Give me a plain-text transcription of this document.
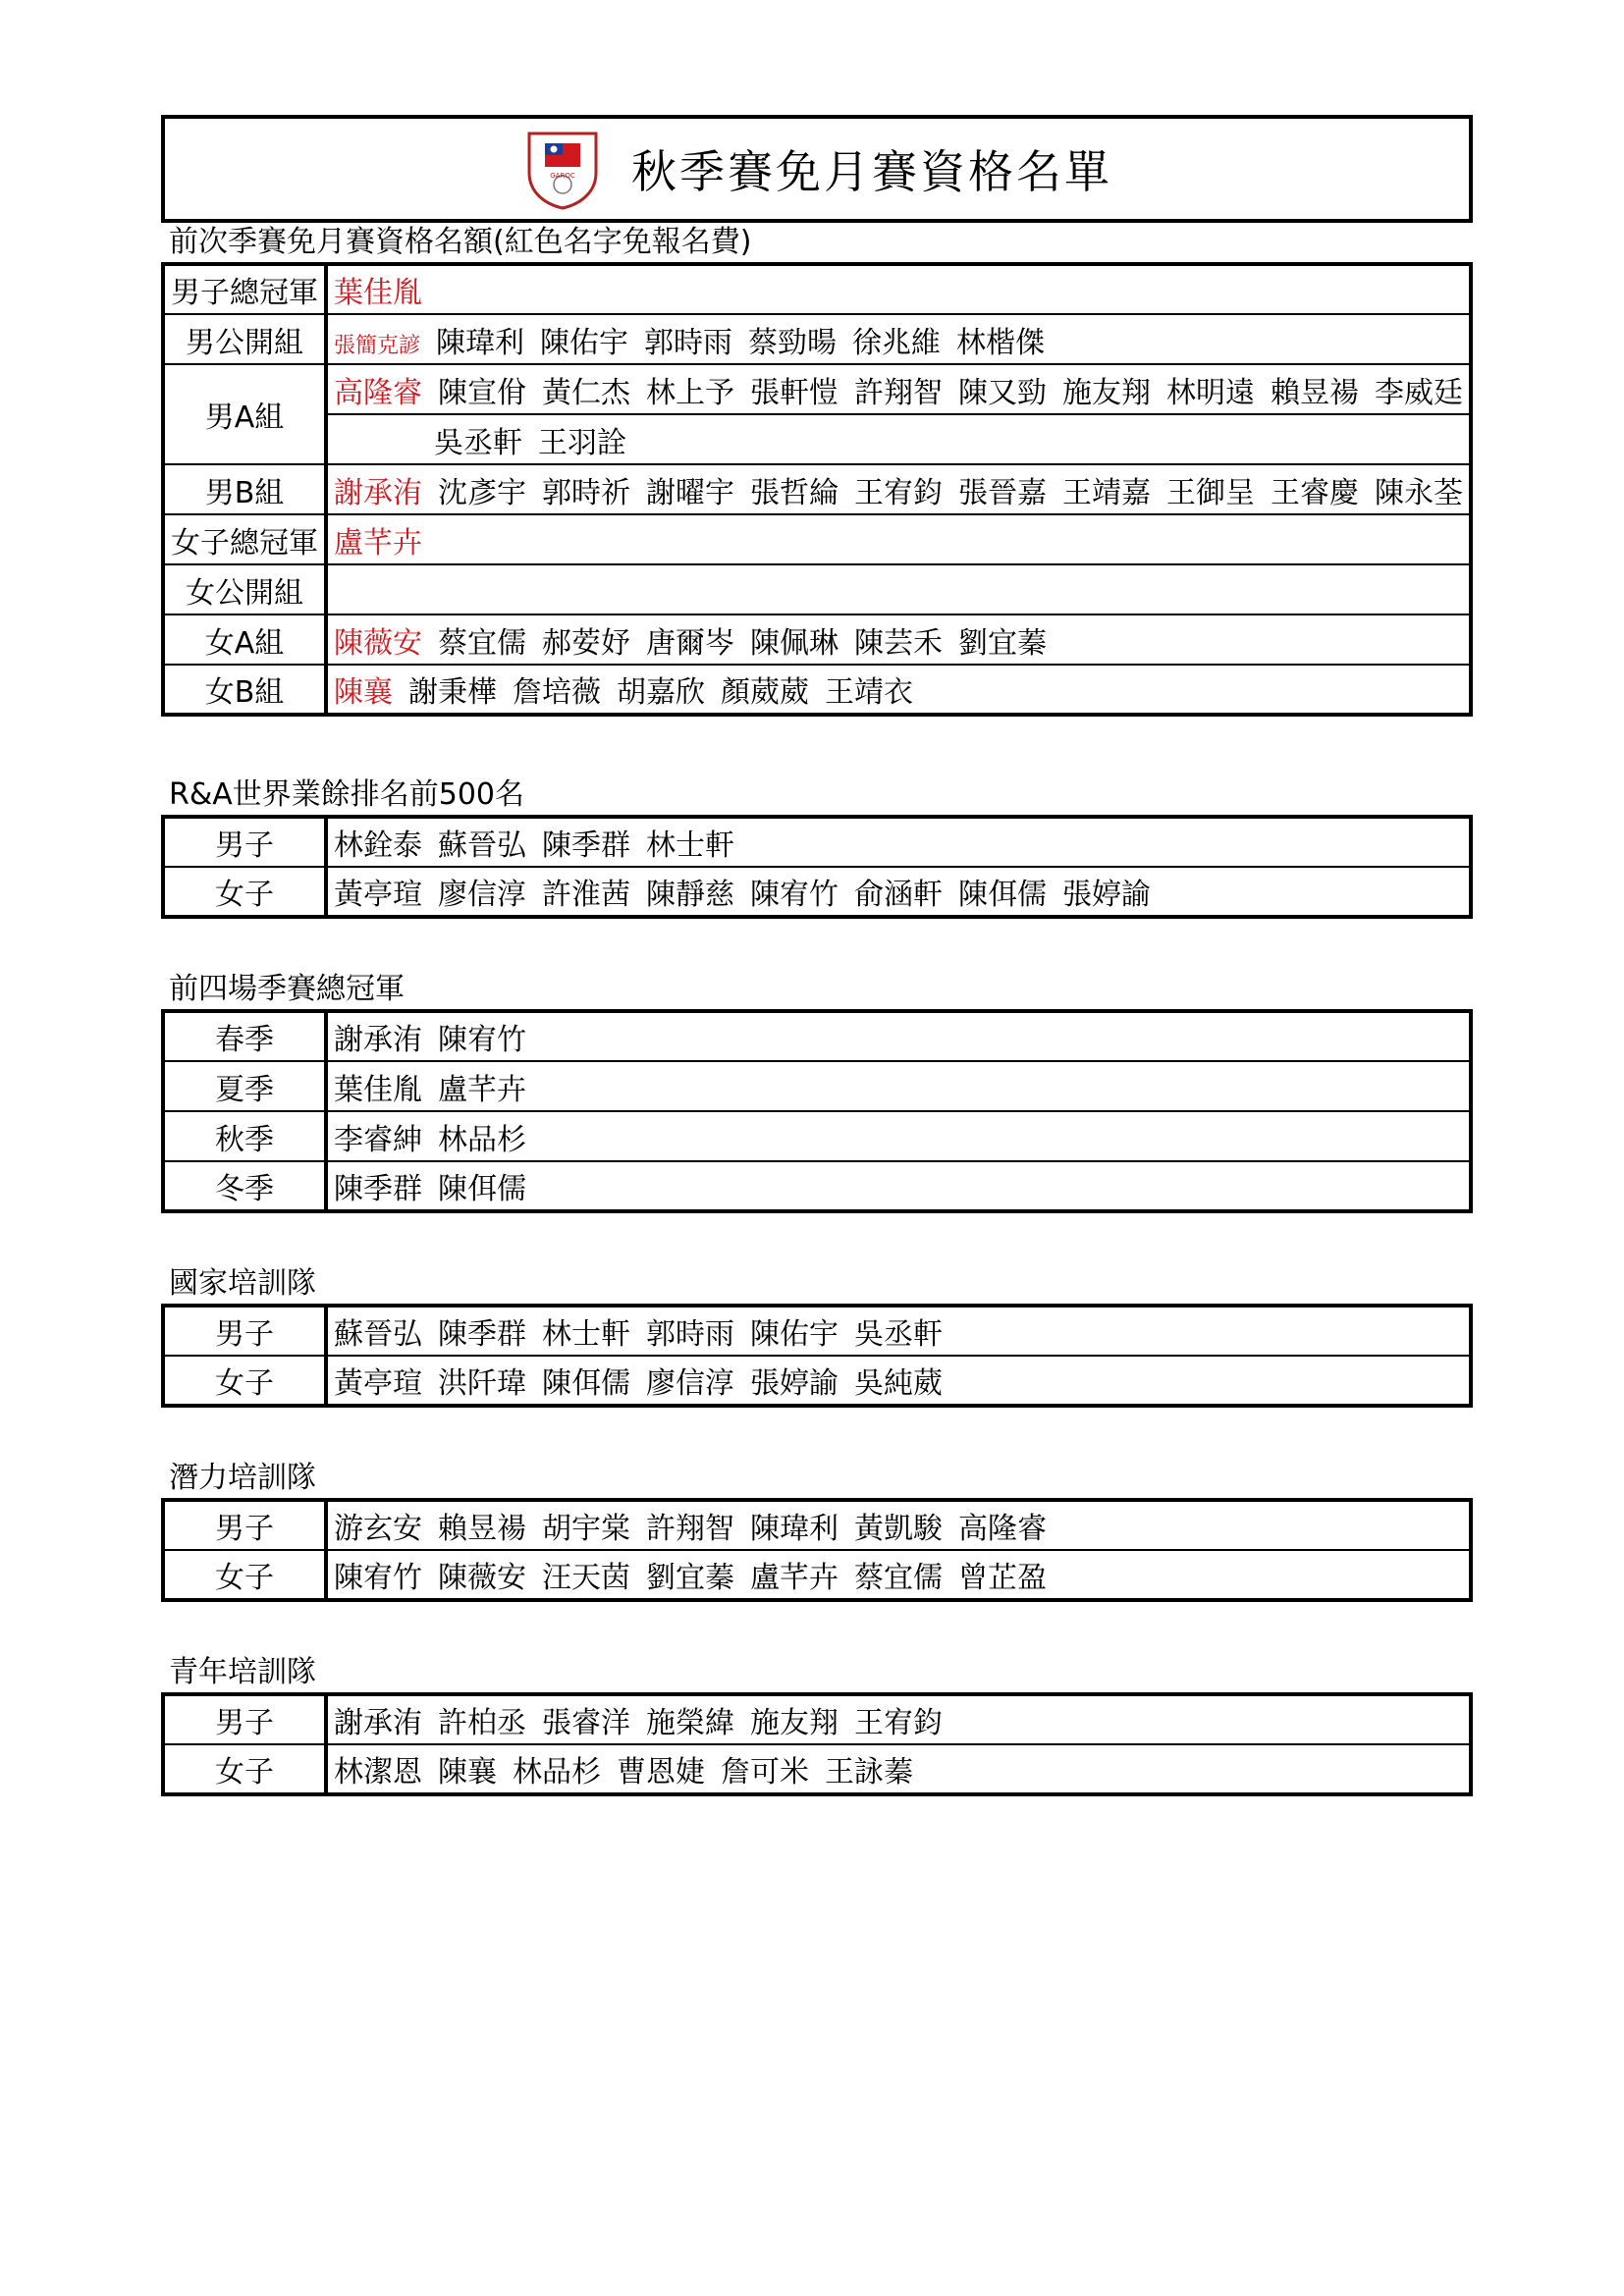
GAROC 秋季賽免月賽資格名單
前次季賽免月賽資格名額(紅色名字免報名費)
男子總冠軍	葉佳胤
男公開組	張簡克諺 陳瑋利 陳佑宇 郭時雨 蔡勁暘 徐兆維 林楷傑
男A組	高隆睿 陳宣佾 黃仁杰 林上予 張軒愷 許翔智 陳又勁 施友翔 林明遠 賴昱禓 李威廷
	吳丞軒 王羽詮
男B組	謝承洧 沈彥宇 郭時祈 謝曜宇 張哲綸 王宥鈞 張晉嘉 王靖嘉 王御呈 王睿慶 陳永荃
女子總冠軍	盧芊卉
女公開組	
女A組	陳薇安 蔡宜儒 郝荌妤 唐爾岑 陳佩琳 陳芸禾 劉宜蓁
女B組	陳襄 謝秉樺 詹培薇 胡嘉欣 顏葳葳 王靖衣
R&A世界業餘排名前500名
男子	林銓泰 蘇晉弘 陳季群 林士軒
女子	黃亭瑄 廖信淳 許淮茜 陳靜慈 陳宥竹 俞涵軒 陳佴儒 張婷諭
前四場季賽總冠軍
春季	謝承洧 陳宥竹
夏季	葉佳胤 盧芊卉
秋季	李睿紳 林品杉
冬季	陳季群 陳佴儒
國家培訓隊
男子	蘇晉弘 陳季群 林士軒 郭時雨 陳佑宇 吳丞軒
女子	黃亭瑄 洪阡瑋 陳佴儒 廖信淳 張婷諭 吳純葳
潛力培訓隊
男子	游玄安 賴昱禓 胡宇棠 許翔智 陳瑋利 黃凱駿 高隆睿
女子	陳宥竹 陳薇安 汪天茵 劉宜蓁 盧芊卉 蔡宜儒 曾芷盈
青年培訓隊
男子	謝承洧 許柏丞 張睿洋 施榮緯 施友翔 王宥鈞
女子	林潔恩 陳襄 林品杉 曹恩婕 詹可米 王詠蓁
